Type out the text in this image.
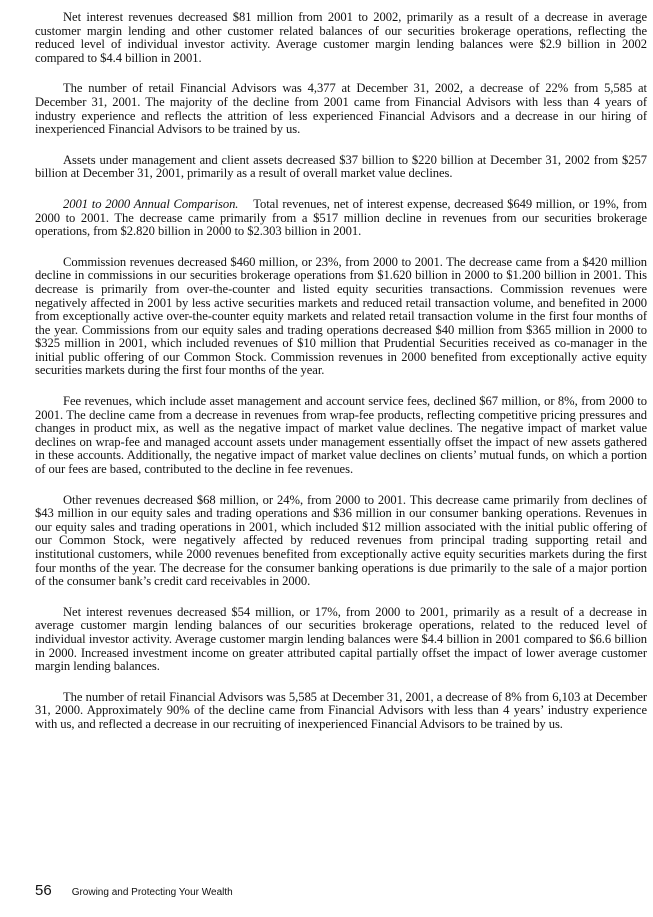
Net interest revenues decreased $81 million from 2001 to 2002, primarily as a result of a decrease in average customer margin lending and other customer related balances of our securities brokerage operations, reflecting the reduced level of individual investor activity. Average customer margin lending balances were $2.9 billion in 2002 compared to $4.4 billion in 2001.

The number of retail Financial Advisors was 4,377 at December 31, 2002, a decrease of 22% from 5,585 at December 31, 2001. The majority of the decline from 2001 came from Financial Advisors with less than 4 years of industry experience and reflects the attrition of less experienced Financial Advisors and a decrease in our hiring of inexperienced Financial Advisors to be trained by us.

Assets under management and client assets decreased $37 billion to $220 billion at December 31, 2002 from $257 billion at December 31, 2001, primarily as a result of overall market value declines.

2001 to 2000 Annual Comparison. Total revenues, net of interest expense, decreased $649 million, or 19%, from 2000 to 2001. The decrease came primarily from a $517 million decline in revenues from our securities brokerage operations, from $2.820 billion in 2000 to $2.303 billion in 2001.

Commission revenues decreased $460 million, or 23%, from 2000 to 2001. The decrease came from a $420 million decline in commissions in our securities brokerage operations from $1.620 billion in 2000 to $1.200 billion in 2001. This decrease is primarily from over-the-counter and listed equity securities transactions. Commission revenues were negatively affected in 2001 by less active securities markets and reduced retail transaction volume, and benefited in 2000 from exceptionally active over-the-counter equity markets and related retail transaction volume in the first four months of the year. Commissions from our equity sales and trading operations decreased $40 million from $365 million in 2000 to $325 million in 2001, which included revenues of $10 million that Prudential Securities received as co-manager in the initial public offering of our Common Stock. Commission revenues in 2000 benefited from exceptionally active equity securities markets during the first four months of the year.

Fee revenues, which include asset management and account service fees, declined $67 million, or 8%, from 2000 to 2001. The decline came from a decrease in revenues from wrap-fee products, reflecting competitive pricing pressures and changes in product mix, as well as the negative impact of market value declines. The negative impact of market value declines on wrap-fee and managed account assets under management essentially offset the impact of new assets gathered in these accounts. Additionally, the negative impact of market value declines on clients’ mutual funds, on which a portion of our fees are based, contributed to the decline in fee revenues.

Other revenues decreased $68 million, or 24%, from 2000 to 2001. This decrease came primarily from declines of $43 million in our equity sales and trading operations and $36 million in our consumer banking operations. Revenues in our equity sales and trading operations in 2001, which included $12 million associated with the initial public offering of our Common Stock, were negatively affected by reduced revenues from principal trading supporting retail and institutional customers, while 2000 revenues benefited from exceptionally active equity securities markets during the first four months of the year. The decrease for the consumer banking operations is due primarily to the sale of a major portion of the consumer bank’s credit card receivables in 2000.

Net interest revenues decreased $54 million, or 17%, from 2000 to 2001, primarily as a result of a decrease in average customer margin lending balances of our securities brokerage operations, related to the reduced level of individual investor activity. Average customer margin lending balances were $4.4 billion in 2001 compared to $6.6 billion in 2000. Increased investment income on greater attributed capital partially offset the impact of lower average customer margin lending balances.

The number of retail Financial Advisors was 5,585 at December 31, 2001, a decrease of 8% from 6,103 at December 31, 2000. Approximately 90% of the decline came from Financial Advisors with less than 4 years’ industry experience with us, and reflected a decrease in our recruiting of inexperienced Financial Advisors to be trained by us.

56 Growing and Protecting Your Wealth
